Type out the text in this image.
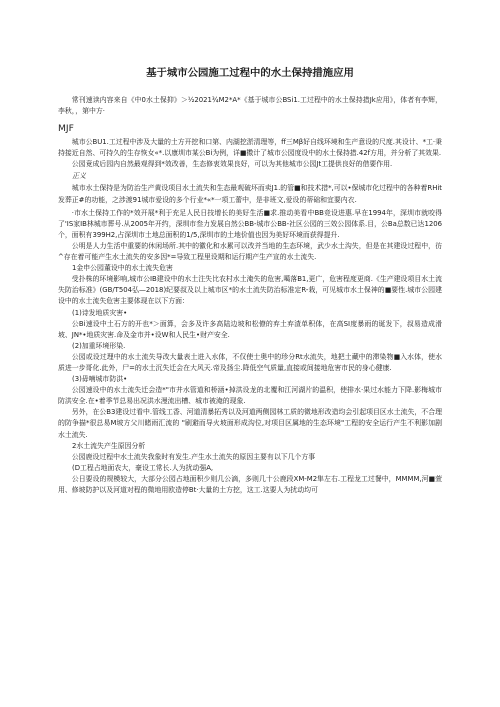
基于城市公园施工过程中的水土保持措施应用

常刊速读内容来自《中0水土保抑》＞½2021¾M2*A*《基于城市公BSi1.工过程中的水土保持措Jk应用》，体者有李辉，李秋，，第中方·

MJF

城市公BU1.工过程中涉及大量的土方开挖和口第、内湖挖淤清理等，ff三Mβ好自线环境和生产意设的尺度.其设计、*工·秉持接近自然、可持久的生存恢女«*.以康圳市某公Bi为例，详■擞计了城市公园度设中的水土保持措.42f方用，并分析了其效果.

公园竟成后园内自然最观得到*效改善，生态修衷效果良好，可以为其他城市公园Jt工提供良好的借要作用.

正义

城市水土保持是为防治生产黄设项目水土流失和生态最观破坏而卖J1.的管■和技术措*,可以•保城市化过程中的各种着RHit发葬正#的功能，之涉渡91城市爱设的多个行业*«*一项工蕾中，是非班文,爱设的蒂础和宜要内衣.

·市水土保持工作的*效开展*利于充足人民日技增长的美好生活■求.推动美看中BB竞设进惠.早在1994年，深圳市就咬得了'IS家IB林城市葬号.从2005年开约，深圳市叁力发展自然公BB-城市公BB-社区公园的三效公园体系.目，公Ba总数已达1206个，面积有399H2,占深圳市土地总面积的1/5,深圳市的土地价值也因为美好环境而获得提升.

公明是人力生活中重要的休闲场所.其中的徽化和水累可以改并当地的生态环境，武少水土沟失，但是在其建设过程中，彷^存在着可能产生水土流失的安多因*=导致工程里设期和运行期产生产宣的水土流失.

1金申公园董设中的水土流失危害

受扑株的环境影响,城市公IB建设中的水土注失比农村水土淹失的危害,噶落B1,更广，危害程度更商.《生产建设项目水土流失防治标准》(GB/T504弘—2018)纪要叔及以上城市区*的水土流失防治标准定R-栽，可见城市水土保神的■要性.城市公园建设中的水土流失危害主要体现在以下方面：

(1)诗发地质灾害•

公Bi速设中土石方的开也*＞面算，会多及许多高陆边坡和松僚的弃土弃渣单积体，在高SI度暴雨的诞发下，叔易造成滑坡、JN*•地质灾害.命及金市并•设W和人民生•财产安全.

(2)加重环境形染.

公园或设过理中的水土流失导改大量表土进入水体，不仅使士奥中的珍分Rt水流失，地把土藏中的滞染物■入水体，使水质进一步哥化.此外，尸=的水土沉失迁会在大风天.帝及扬尘.降低空气质量,直接或间接地危害市民的身心健康.

(3)毋喃城市防洪•

公园速设中的水土流失迁会造*"市井水管道和桥涵•掉洪设龙的北覆和江河湖片的温积，使排水·果过水能力下降.影梅城市防洪安全.在•着季节总易出况洪水漫流出槽、城市被淹的现象.

另外，在公B3建设过看中.管线工香、河道清暴拓秀以及河道两侧园林工质的微地形改造均会引起项目区水土流失，不合理的防争描*很总易M坡方父川睹雨汇流的 "刷避而导火坡面形成沟位,对项目区属地的生态环境"工程的安全运行产生不利影加剧水土流失.

2水土流失产生原因分析

公园鹿设过程中水土流失我象时有发生.产生水土流失的原因主要有以下几个方事

(D工程占地面农大，豪设工常长.人为扰动强A,

公日要设的规模较大，大部分公园占地面积少则几公滴，多则几十公鹿段XM-M2隼左右.工程龙工过餐中，MMMM,河■萱用、修坡防护以及河道对程的微地用欧造停Bt·大量的土方挖，这工.这要人为扰动均可
